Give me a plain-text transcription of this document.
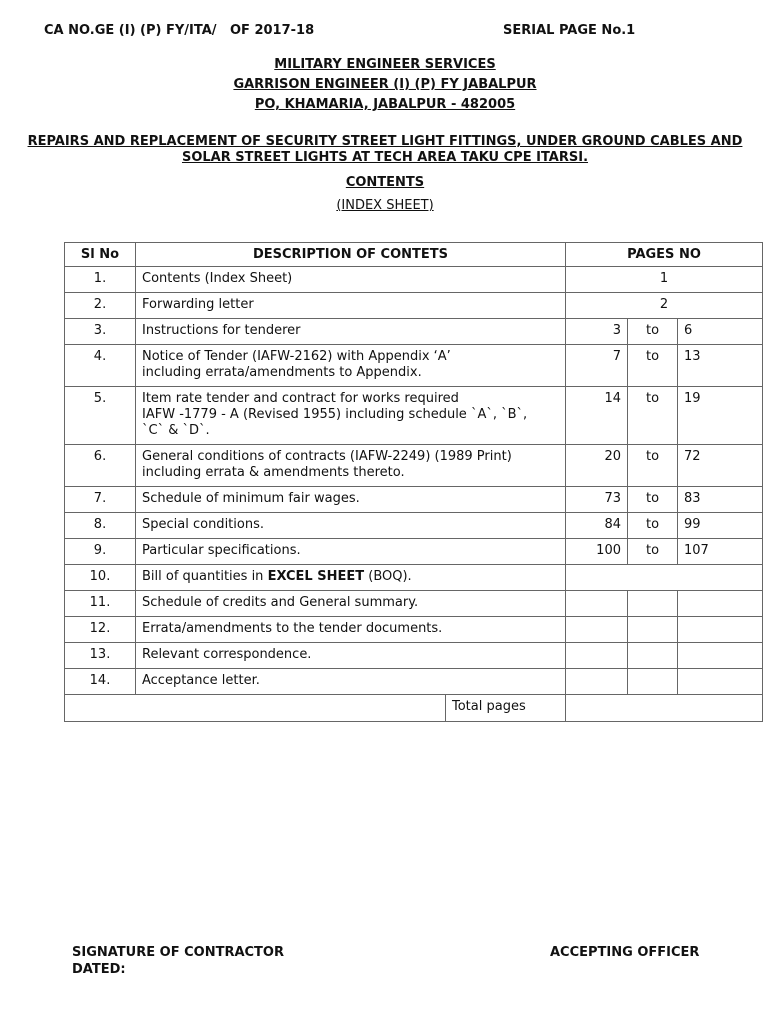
CA NO.GE (I) (P) FY/ITA/ OF 2017-18	SERIAL PAGE No.1
MILITARY ENGINEER SERVICES
GARRISON ENGINEER (I) (P) FY JABALPUR
PO, KHAMARIA, JABALPUR - 482005
REPAIRS AND REPLACEMENT OF SECURITY STREET LIGHT FITTINGS, UNDER GROUND CABLES AND
SOLAR STREET LIGHTS AT TECH AREA TAKU CPE ITARSI.
CONTENTS
(INDEX SHEET)
Sl No	DESCRIPTION OF CONTETS	PAGES NO		
1.	Contents (Index Sheet)	1		
2.	Forwarding letter	2		
3.	Instructions for tenderer	3	to	6
4.	Notice of Tender (IAFW-2162) with Appendix ‘A’
including errata/amendments to Appendix.	7	to	13
5.	Item rate tender and contract for works required
IAFW -1779 - A (Revised 1955) including schedule `A`, `B`,
`C` & `D`.	14	to	19
6.	General conditions of contracts (IAFW-2249) (1989 Print)
including errata & amendments thereto.	20	to	72
7.	Schedule of minimum fair wages.	73	to	83
8.	Special conditions.	84	to	99
9.	Particular specifications.	100	to	107
10.	Bill of quantities in EXCEL SHEET (BOQ).			
11.	Schedule of credits and General summary.			

12.	Errata/amendments to the tender documents.			

13.	Relevant correspondence.			

14.	Acceptance letter.			

Total pages				

SIGNATURE OF CONTRACTOR
DATED:
ACCEPTING OFFICER
